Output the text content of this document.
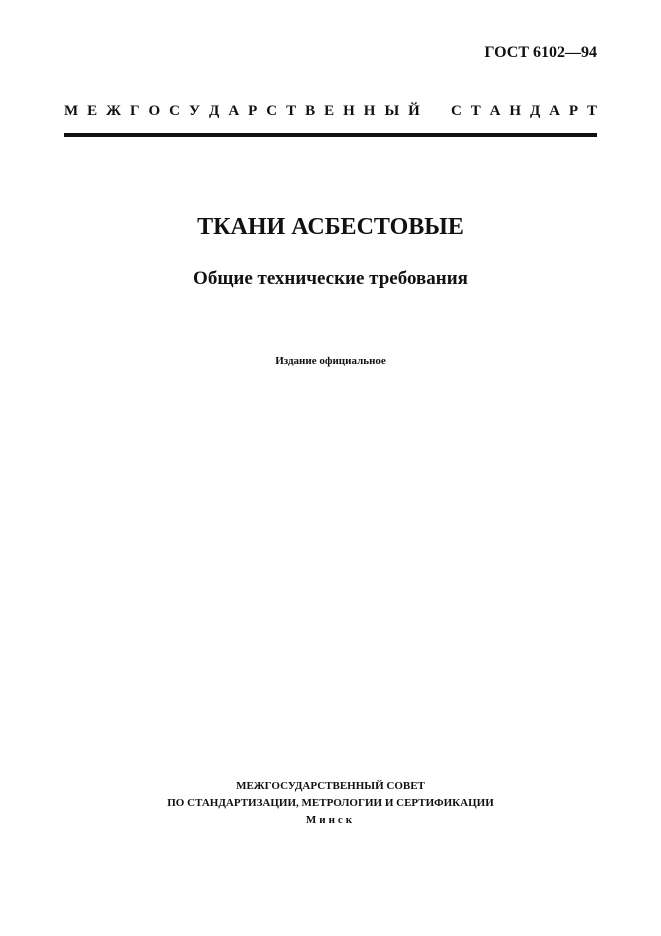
ГОСТ 6102—94
М Е Ж Г О С У Д А Р С Т В Е Н Н Ы Й С Т А Н Д А Р Т
ТКАНИ АСБЕСТОВЫЕ
Общие технические требования
Издание официальное
МЕЖГОСУДАРСТВЕННЫЙ СОВЕТ
ПО СТАНДАРТИЗАЦИИ, МЕТРОЛОГИИ И СЕРТИФИКАЦИИ
Минск
